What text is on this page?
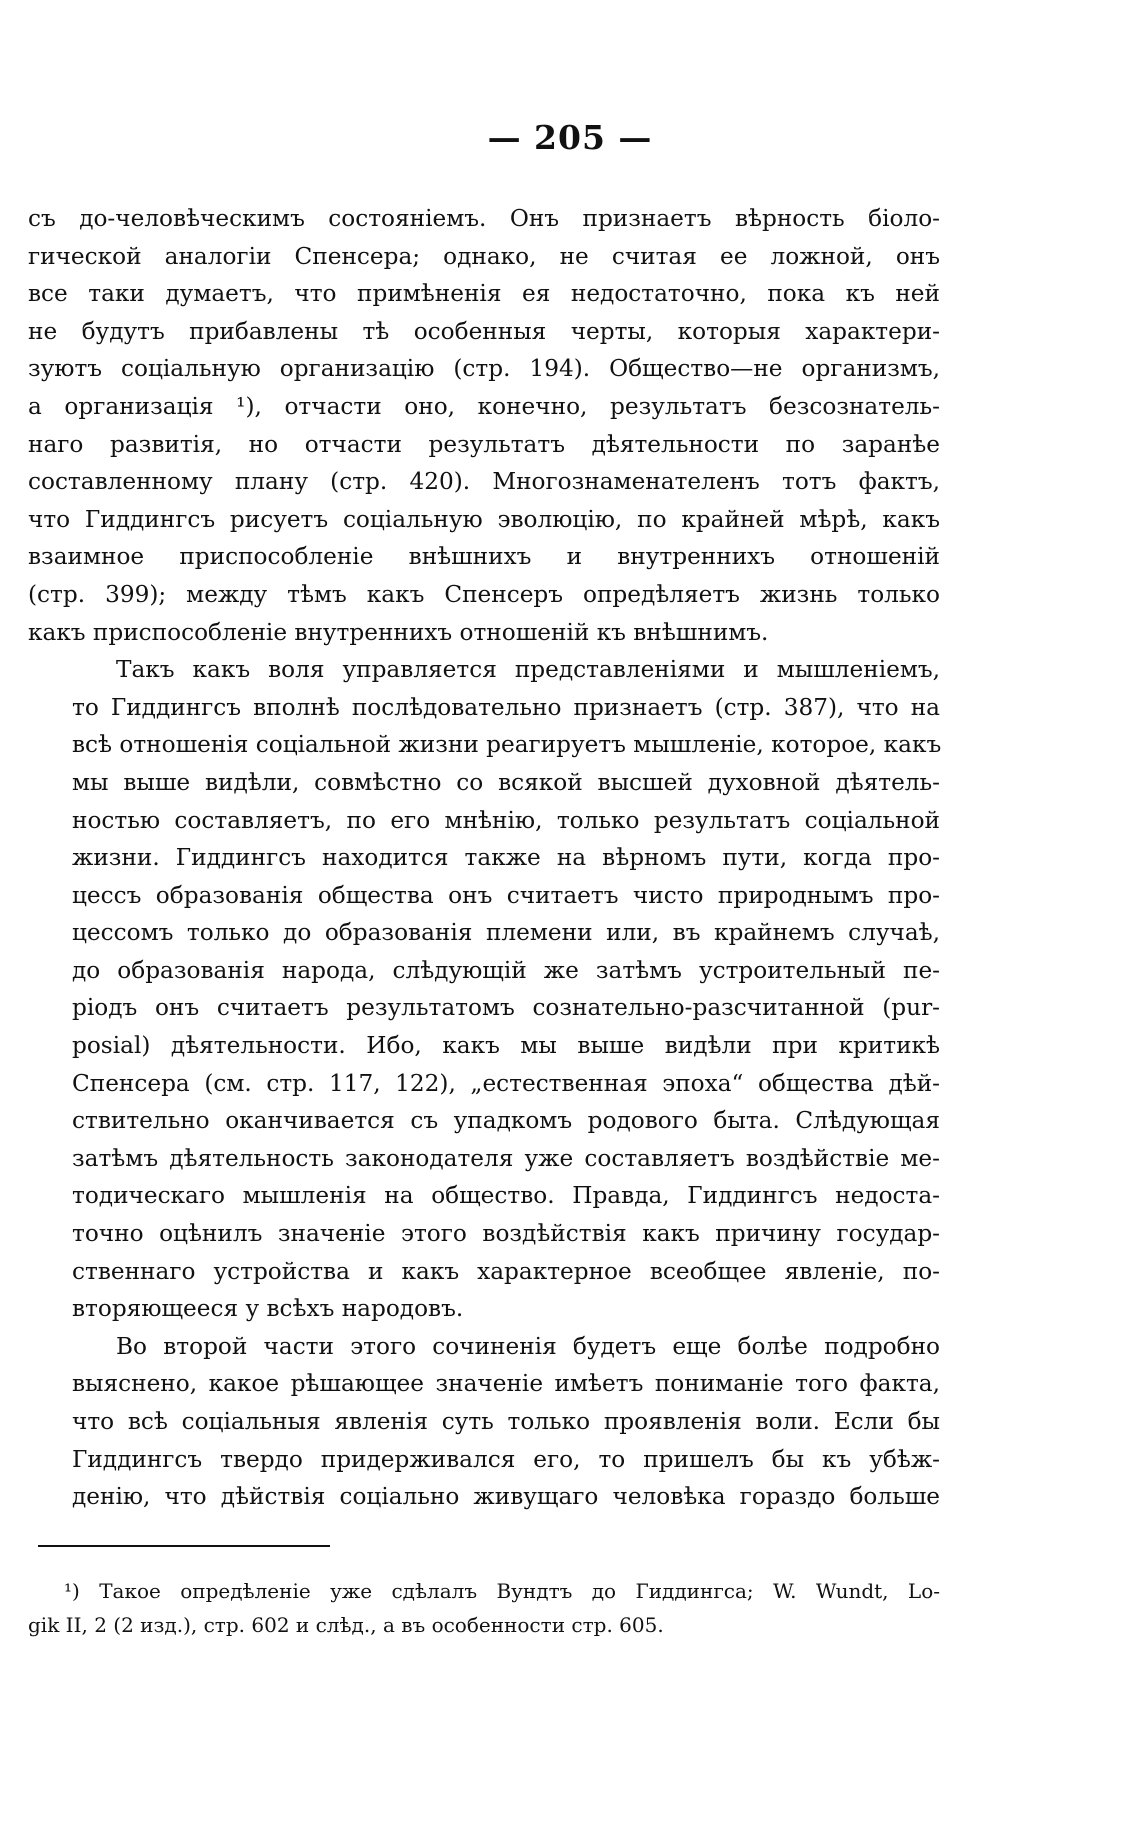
— 205 —

съ до-человѣческимъ состояніемъ. Онъ признаетъ вѣрность біоло-
гической аналогіи Спенсера; однако, не считая ее ложной, онъ
все таки думаетъ, что примѣненія ея недостаточно, пока къ ней
не будутъ прибавлены тѣ особенныя черты, которыя характери-
зуютъ соціальную организацію (стр. 194). Общество—не организмъ,
а организація ¹), отчасти оно, конечно, результатъ безсознатель-
наго развитія, но отчасти результатъ дѣятельности по заранѣе
составленному плану (стр. 420). Многознаменателенъ тотъ фактъ,
что Гиддингсъ рисуетъ соціальную эволюцію, по крайней мѣрѣ, какъ
взаимное приспособленіе внѣшнихъ и внутреннихъ отношеній
(стр. 399); между тѣмъ какъ Спенсеръ опредѣляетъ жизнь только
какъ приспособленіе внутреннихъ отношеній къ внѣшнимъ.

Такъ какъ воля управляется представленіями и мышленіемъ,
то Гиддингсъ вполнѣ послѣдовательно признаетъ (стр. 387), что на
всѣ отношенія соціальной жизни реагируетъ мышленіе, которое, какъ
мы выше видѣли, совмѣстно со всякой высшей духовной дѣятель-
ностью составляетъ, по его мнѣнію, только результатъ соціальной
жизни. Гиддингсъ находится также на вѣрномъ пути, когда про-
цессъ образованія общества онъ считаетъ чисто природнымъ про-
цессомъ только до образованія племени или, въ крайнемъ случаѣ,
до образованія народа, слѣдующій же затѣмъ устроительный пе-
ріодъ онъ считаетъ результатомъ сознательно-разсчитанной (pur-
posial) дѣятельности. Ибо, какъ мы выше видѣли при критикѣ
Спенсера (см. стр. 117, 122), „естественная эпоха“ общества дѣй-
ствительно оканчивается съ упадкомъ родового быта. Слѣдующая
затѣмъ дѣятельность законодателя уже составляетъ воздѣйствіе ме-
тодическаго мышленія на общество. Правда, Гиддингсъ недоста-
точно оцѣнилъ значеніе этого воздѣйствія какъ причину государ-
ственнаго устройства и какъ характерное всеобщее явленіе, по-
вторяющееся у всѣхъ народовъ.

Во второй части этого сочиненія будетъ еще болѣе подробно
выяснено, какое рѣшающее значеніе имѣетъ пониманіе того факта,
что всѣ соціальныя явленія суть только проявленія воли. Если бы
Гиддингсъ твердо придерживался его, то пришелъ бы къ убѣж-
денію, что дѣйствія соціально живущаго человѣка гораздо больше

¹) Такое опредѣленіе уже сдѣлалъ Вундтъ до Гиддингса; W. Wundt, Lo-
gik II, 2 (2 изд.), стр. 602 и слѣд., а въ особенности стр. 605.
